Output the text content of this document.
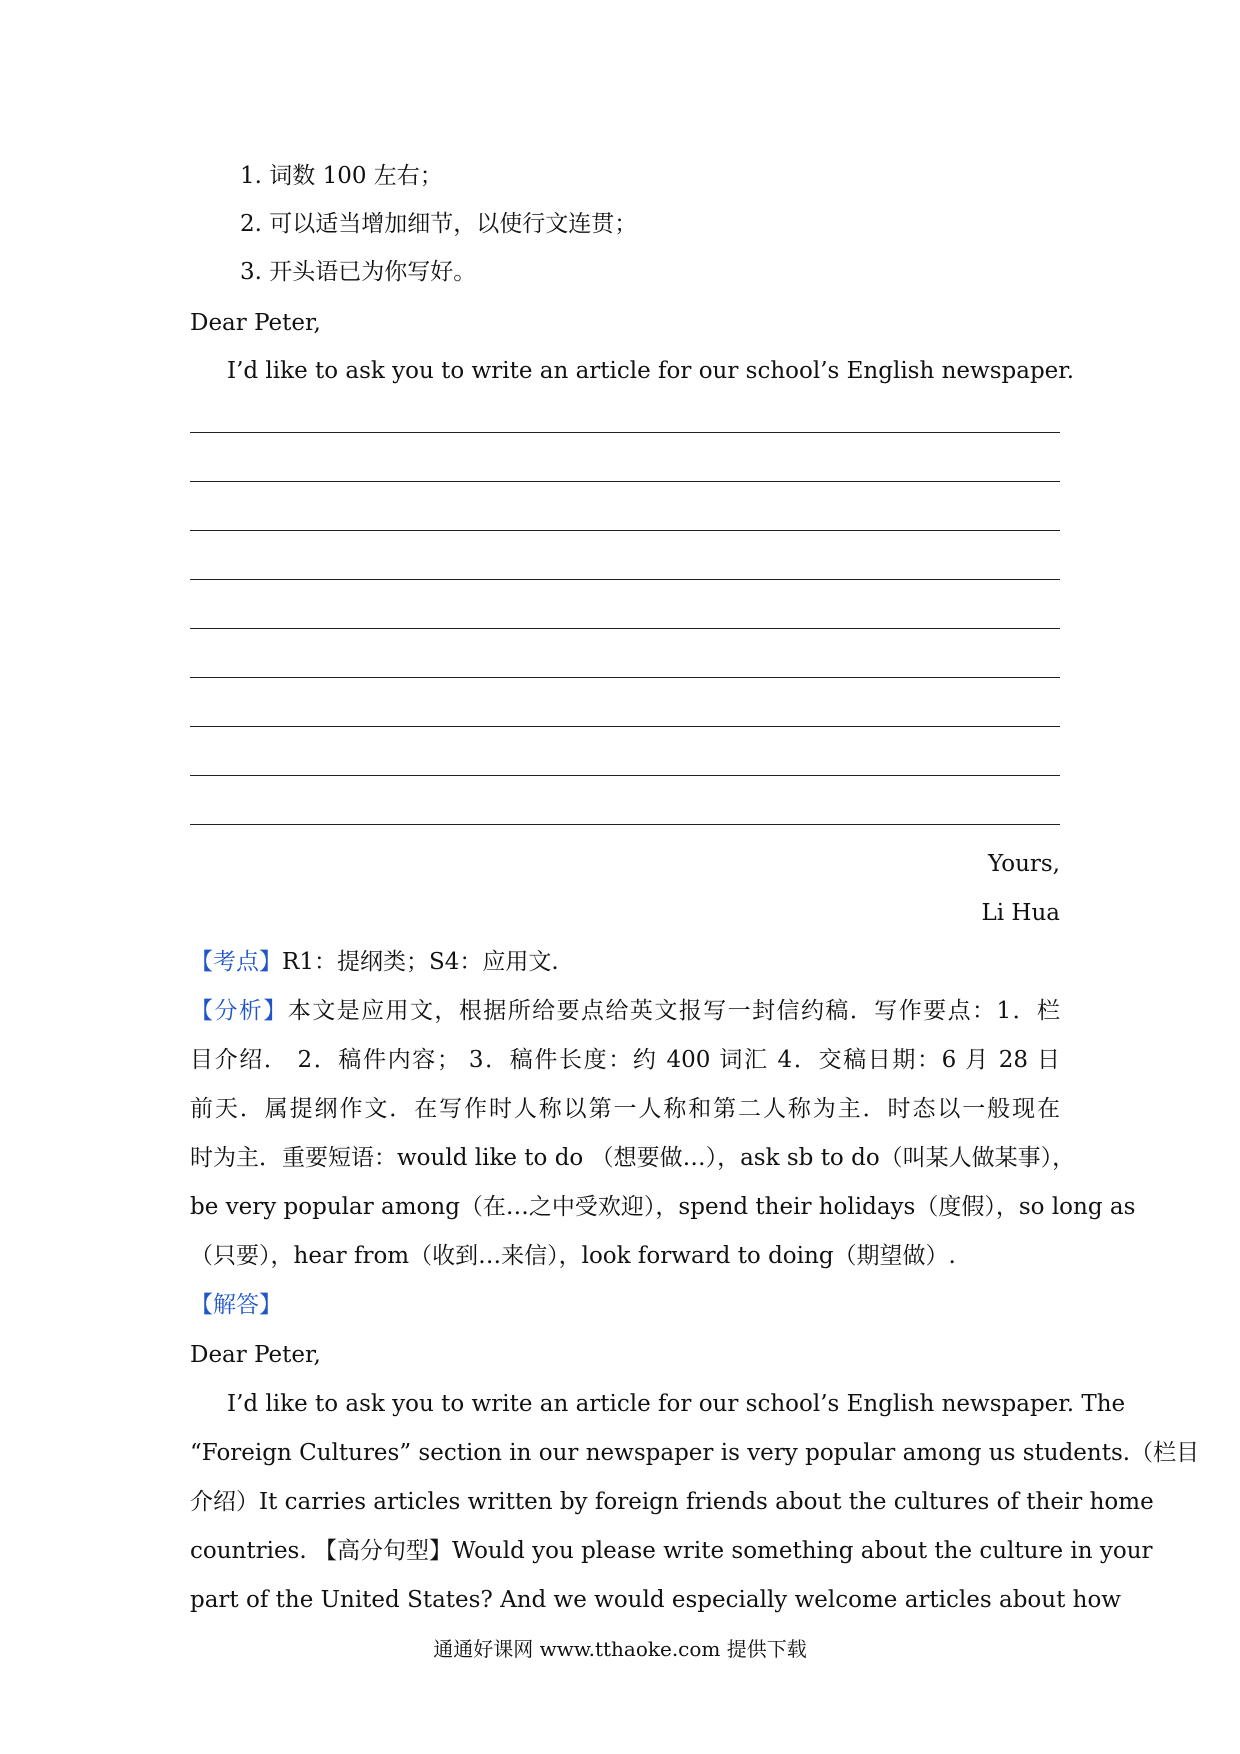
1. 词数 100 左右；
2. 可以适当增加细节，以使行文连贯；
3. 开头语已为你写好。
Dear Peter,
I’d like to ask you to write an article for our school’s English newspaper.
Yours,
Li Hua
【考点】R1：提纲类；S4：应用文.
【分析】本文是应用文，根据所给要点给英文报写一封信约稿．写作要点：1．栏
目介绍． 2．稿件内容； 3．稿件长度：约 400 词汇 4．交稿日期：6 月 28 日
前天．属提纲作文．在写作时人称以第一人称和第二人称为主．时态以一般现在
时为主．重要短语：would like to do （想要做…），ask sb to do（叫某人做某事），
be very popular among（在…之中受欢迎），spend their holidays（度假），so long as
（只要），hear from（收到…来信），look forward to doing（期望做）.
【解答】
Dear Peter,
I’d like to ask you to write an article for our school’s English newspaper. The
“Foreign Cultures” section in our newspaper is very popular among us students.（栏目
介绍）It carries articles written by foreign friends about the cultures of their home
countries. 【高分句型】Would you please write something about the culture in your
part of the United States? And we would especially welcome articles about how
通通好课网 www.tthaoke.com 提供下载
